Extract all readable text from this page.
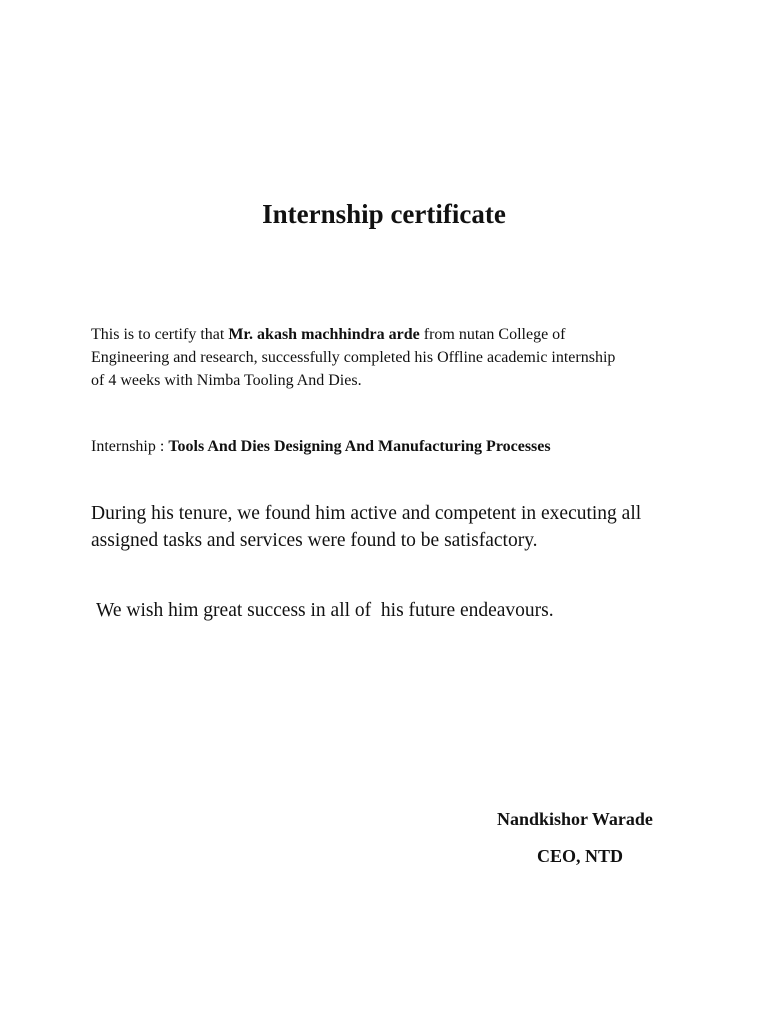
Internship certificate

This is to certify that Mr. akash machhindra arde from nutan College of
Engineering and research, successfully completed his Offline academic internship
of 4 weeks with Nimba Tooling And Dies.

Internship : Tools And Dies Designing And Manufacturing Processes

During his tenure, we found him active and competent in executing all
assigned tasks and services were found to be satisfactory.

We wish him great success in all of  his future endeavours.

Nandkishor Warade

CEO, NTD
